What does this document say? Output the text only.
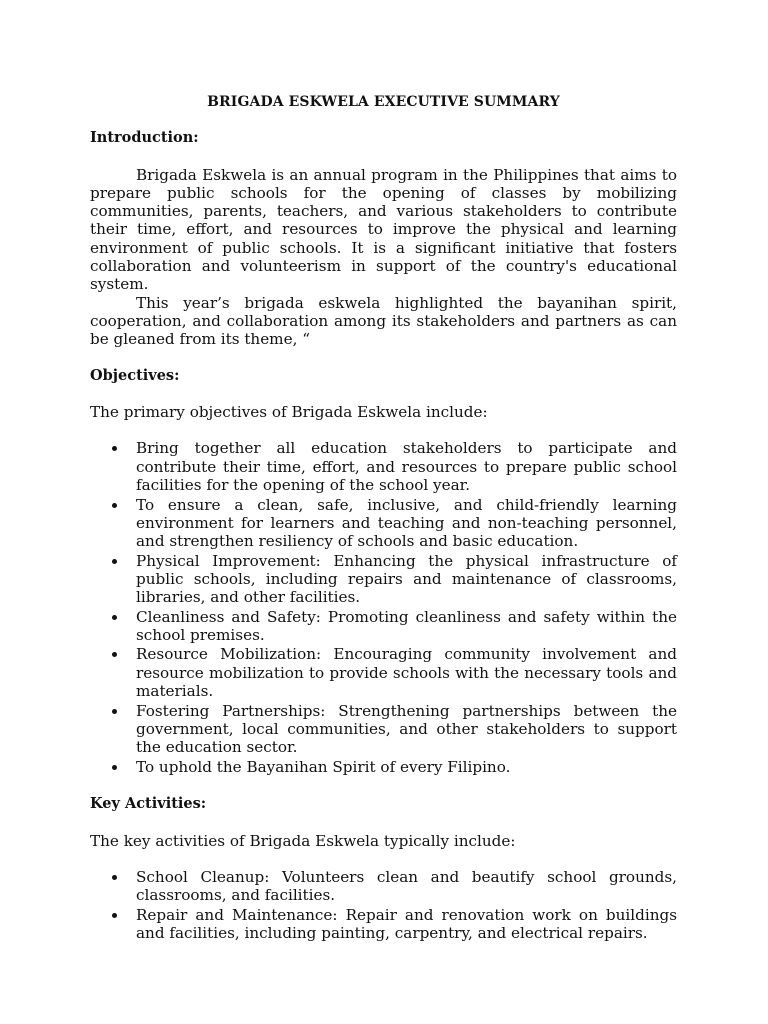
BRIGADA ESKWELA EXECUTIVE SUMMARY
Introduction:

Brigada Eskwela is an annual program in the Philippines that aims to prepare public schools for the opening of classes by mobilizing communities, parents, teachers, and various stakeholders to contribute their time, effort, and resources to improve the physical and learning environment of public schools. It is a significant initiative that fosters collaboration and volunteerism in support of the country's educational system.

This year’s brigada eskwela highlighted the bayanihan spirit, cooperation, and collaboration among its stakeholders and partners as can be gleaned from its theme, “

Objectives:
The primary objectives of Brigada Eskwela include:
Bring together all education stakeholders to participate and contribute their time, effort, and resources to prepare public school facilities for the opening of the school year.
To ensure a clean, safe, inclusive, and child-friendly learning environment for learners and teaching and non-teaching personnel, and strengthen resiliency of schools and basic education.
Physical Improvement: Enhancing the physical infrastructure of public schools, including repairs and maintenance of classrooms, libraries, and other facilities.
Cleanliness and Safety: Promoting cleanliness and safety within the school premises.
Resource Mobilization: Encouraging community involvement and resource mobilization to provide schools with the necessary tools and materials.
Fostering Partnerships: Strengthening partnerships between the government, local communities, and other stakeholders to support the education sector.
To uphold the Bayanihan Spirit of every Filipino.
Key Activities:
The key activities of Brigada Eskwela typically include:
School Cleanup: Volunteers clean and beautify school grounds, classrooms, and facilities.
Repair and Maintenance: Repair and renovation work on buildings and facilities, including painting, carpentry, and electrical repairs.
